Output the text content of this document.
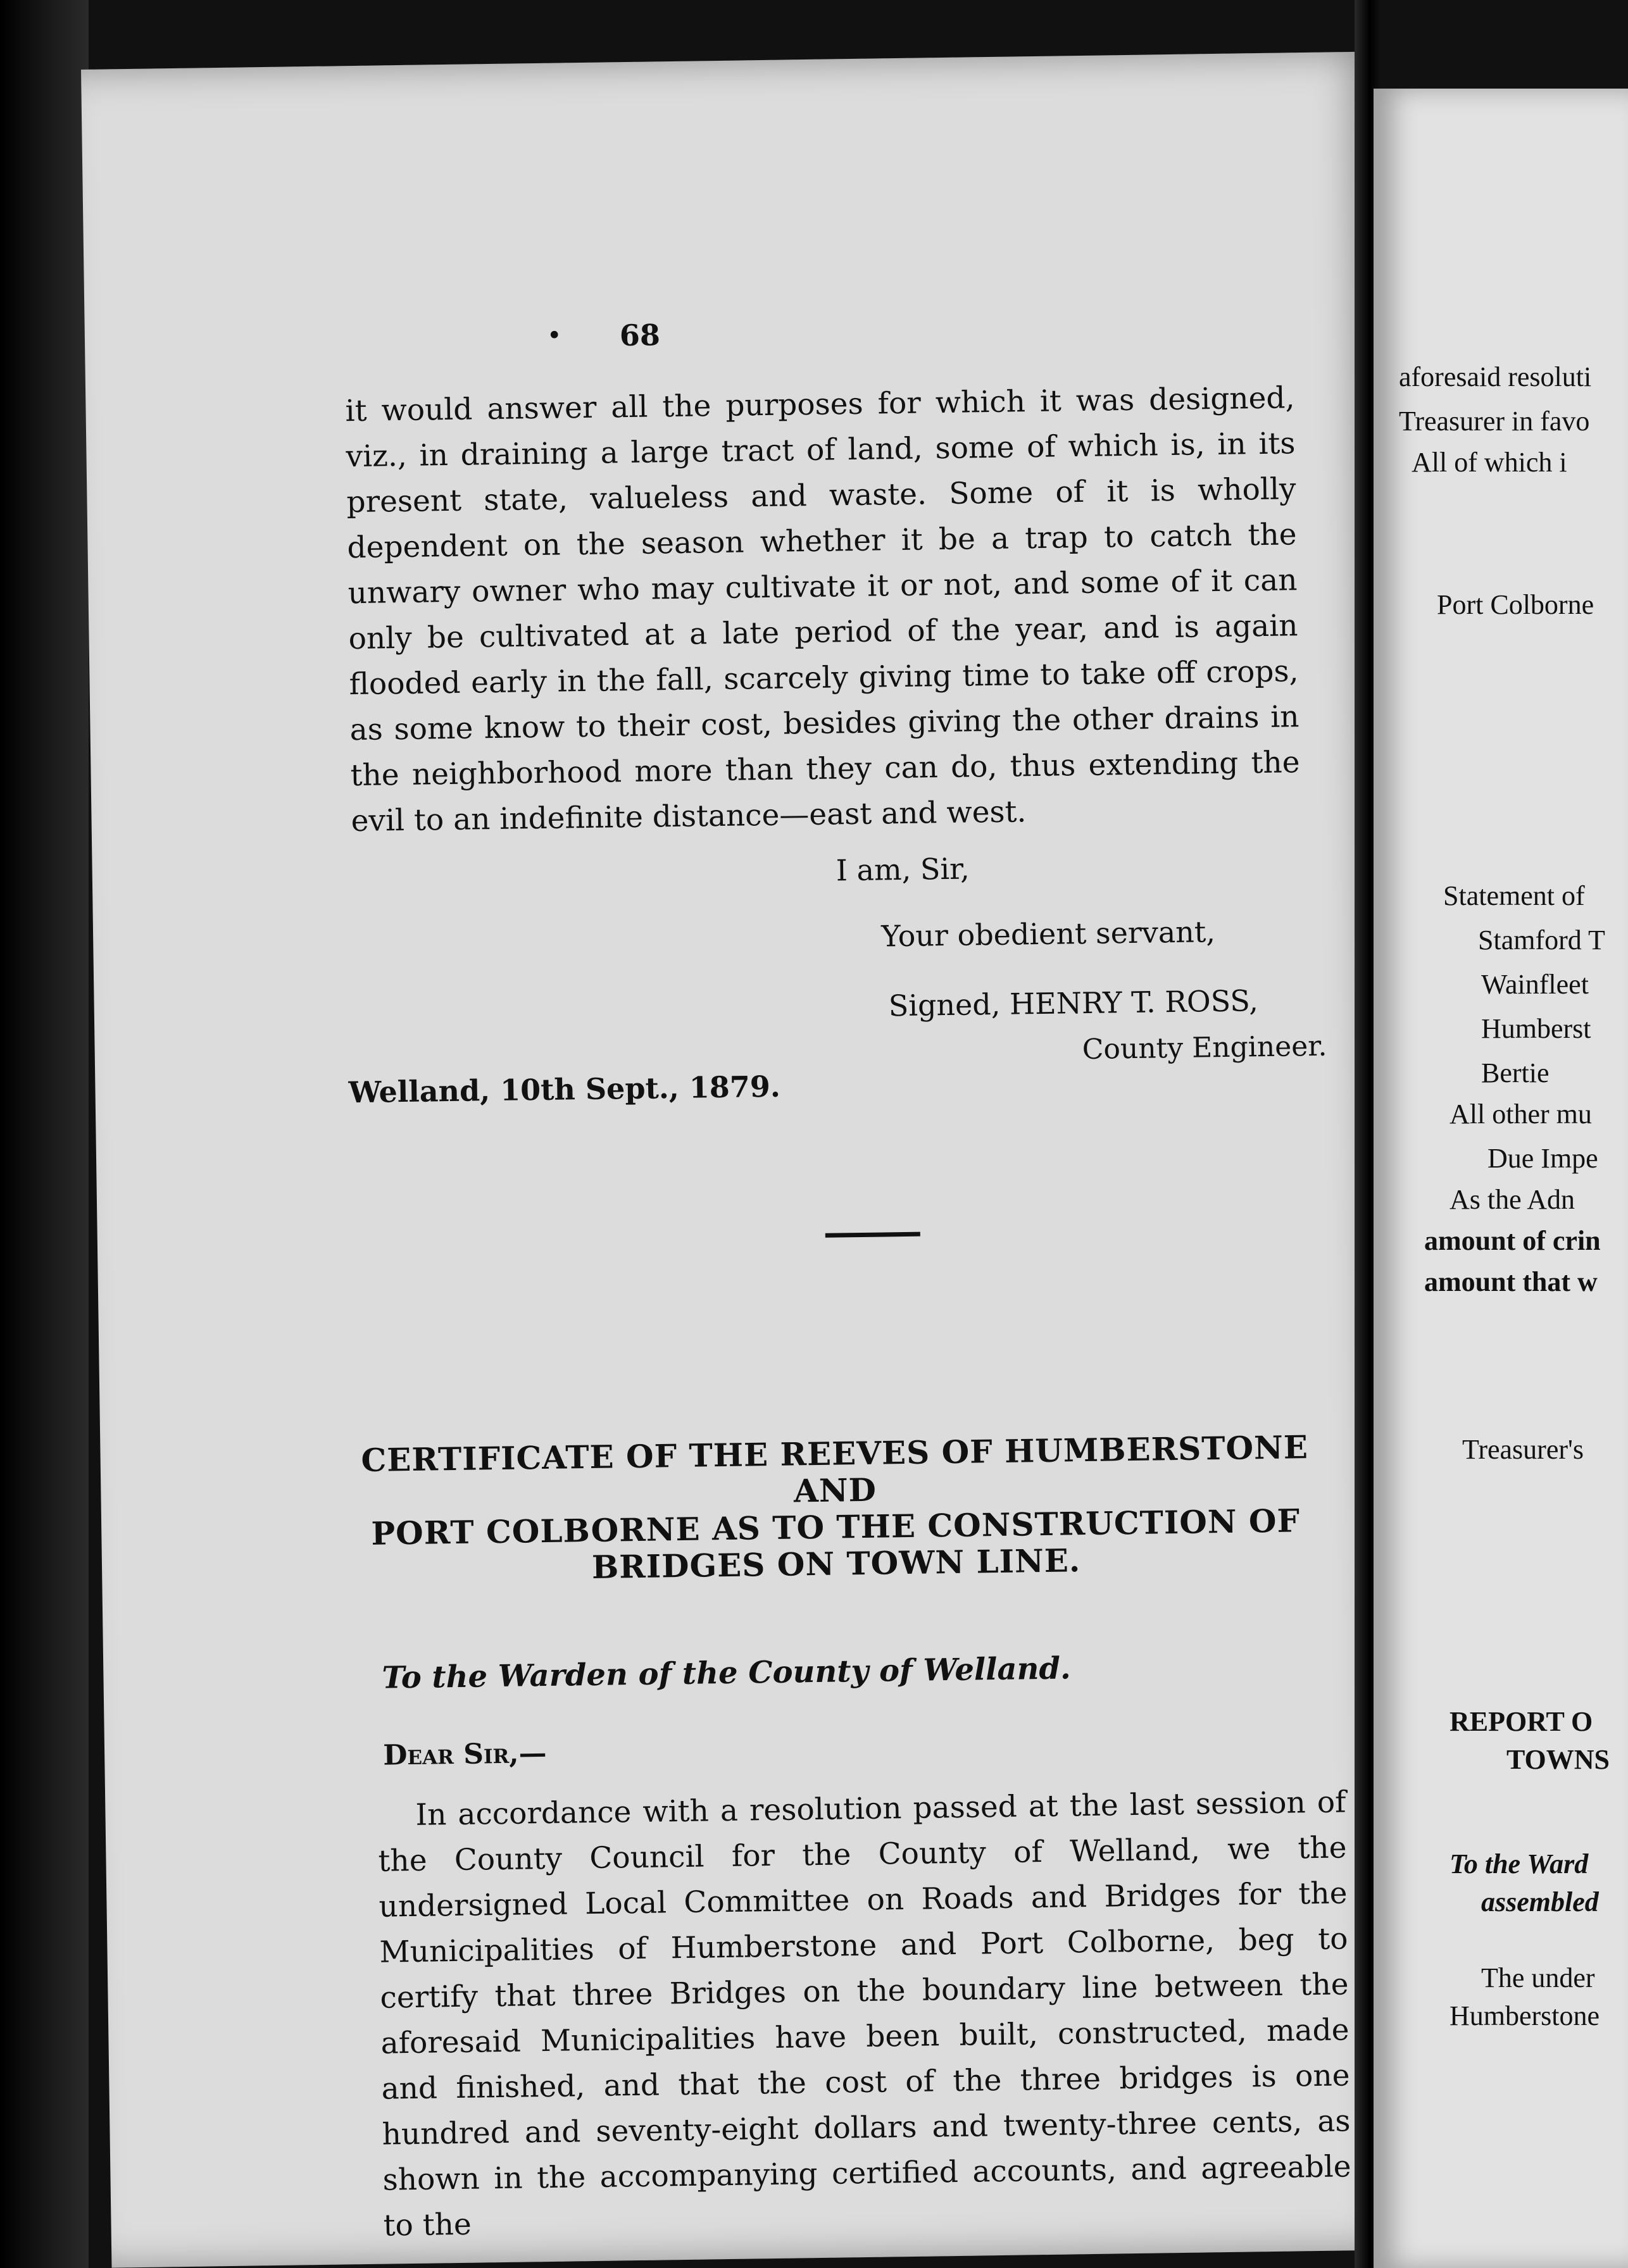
• 68

it would answer all the purposes for which it was designed, viz., in draining a large tract of land, some of which is, in its present state, valueless and waste. Some of it is wholly dependent on the season whether it be a trap to catch the unwary owner who may cultivate it or not, and some of it can only be cultivated at a late period of the year, and is again flooded early in the fall, scarcely giving time to take off crops, as some know to their cost, besides giving the other drains in the neighborhood more than they can do, thus extending the evil to an indefinite distance—east and west.

I am, Sir,
Your obedient servant,
Signed, HENRY T. ROSS,
County Engineer.
Welland, 10th Sept., 1879.
CERTIFICATE OF THE REEVES OF HUMBERSTONE AND
PORT COLBORNE AS TO THE CONSTRUCTION OF
BRIDGES ON TOWN LINE.
To the Warden of the County of Welland.
Dear Sir,—

In accordance with a resolution passed at the last session of the County Council for the County of Welland, we the undersigned Local Committee on Roads and Bridges for the Municipalities of Humberstone and Port Colborne, beg to certify that three Bridges on the boundary line between the aforesaid Municipalities have been built, constructed, made and finished, and that the cost of the three bridges is one hundred and seventy-eight dollars and twenty-three cents, as shown in the accompanying certified accounts, and agreeable to the

aforesaid resoluti
Treasurer in favo
All of which i
Port Colborne
Statement of
Stamford T
Wainfleet
Humberst
Bertie
All other mu
Due Impe
As the Adn
amount of crin
amount that w
Treasurer's
REPORT O
TOWNS
To the Ward
assembled
The under
Humberstone
